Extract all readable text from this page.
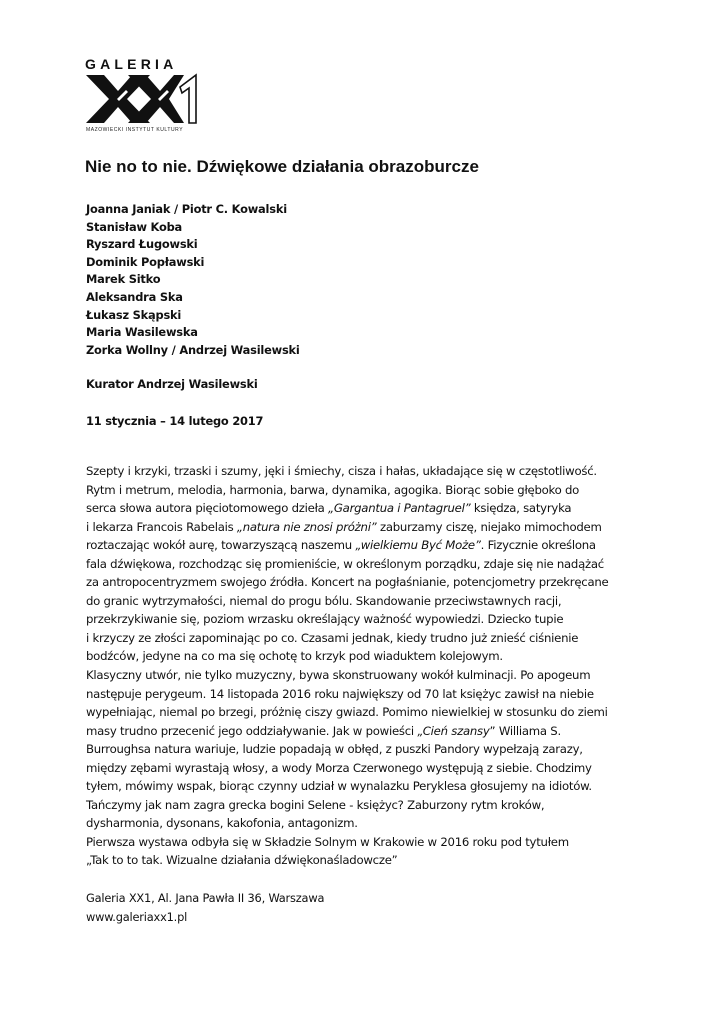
GALERIA
MAZOWIECKI INSTYTUT KULTURY
Nie no to nie. Dźwiękowe działania obrazoburcze
Joanna Janiak / Piotr C. Kowalski
Stanisław Koba
Ryszard Ługowski
Dominik Popławski
Marek Sitko
Aleksandra Ska
Łukasz Skąpski
Maria Wasilewska
Zorka Wollny / Andrzej Wasilewski
Kurator Andrzej Wasilewski
11 stycznia – 14 lutego 2017
Szepty i krzyki, trzaski i szumy, jęki i śmiechy, cisza i hałas, układające się w częstotliwość.
Rytm i metrum, melodia, harmonia, barwa, dynamika, agogika. Biorąc sobie głęboko do
serca słowa autora pięciotomowego dzieła „Gargantua i Pantagruel” księdza, satyryka
i lekarza Francois Rabelais „natura nie znosi próżni” zaburzamy ciszę, niejako mimochodem
roztaczając wokół aurę, towarzyszącą naszemu „wielkiemu Być Może”. Fizycznie określona
fala dźwiękowa, rozchodząc się promieniście, w określonym porządku, zdaje się nie nadążać
za antropocentryzmem swojego źródła. Koncert na pogłaśnianie, potencjometry przekręcane
do granic wytrzymałości, niemal do progu bólu. Skandowanie przeciwstawnych racji,
przekrzykiwanie się, poziom wrzasku określający ważność wypowiedzi. Dziecko tupie
i krzyczy ze złości zapominając po co. Czasami jednak, kiedy trudno już znieść ciśnienie
bodźców, jedyne na co ma się ochotę to krzyk pod wiaduktem kolejowym.
Klasyczny utwór, nie tylko muzyczny, bywa skonstruowany wokół kulminacji. Po apogeum
następuje perygeum. 14 listopada 2016 roku największy od 70 lat księżyc zawisł na niebie
wypełniając, niemal po brzegi, próżnię ciszy gwiazd. Pomimo niewielkiej w stosunku do ziemi
masy trudno przecenić jego oddziaływanie. Jak w powieści „Cień szansy” Williama S.
Burroughsa natura wariuje, ludzie popadają w obłęd, z puszki Pandory wypełzają zarazy,
między zębami wyrastają włosy, a wody Morza Czerwonego występują z siebie. Chodzimy
tyłem, mówimy wspak, biorąc czynny udział w wynalazku Peryklesa głosujemy na idiotów.
Tańczymy jak nam zagra grecka bogini Selene - księżyc? Zaburzony rytm kroków,
dysharmonia, dysonans, kakofonia, antagonizm.
Pierwsza wystawa odbyła się w Składzie Solnym w Krakowie w 2016 roku pod tytułem
„Tak to to tak. Wizualne działania dźwiękonaśladowcze”
Galeria XX1, Al. Jana Pawła II 36, Warszawa
www.galeriaxx1.pl
